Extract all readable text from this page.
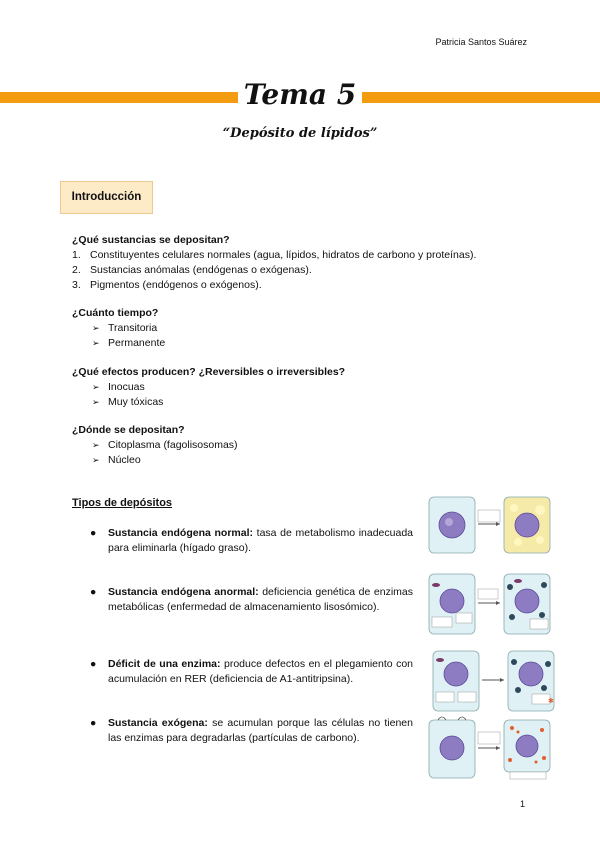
Patricia Santos Suárez
Tema 5
“Depósito de lípidos”
Introducción
¿Qué sustancias se depositan?
1. Constituyentes celulares normales (agua, lípidos, hidratos de carbono y proteínas).
2. Sustancias anómalas (endógenas o exógenas).
3. Pigmentos (endógenos o exógenos).
¿Cuánto tiempo?
➢ Transitoria
➢ Permanente
¿Qué efectos producen? ¿Reversibles o irreversibles?
➢ Inocuas
➢ Muy tóxicas
¿Dónde se depositan?
➢ Citoplasma (fagolisosomas)
➢ Núcleo
Tipos de depósitos
● Sustancia endógena normal: tasa de metabolismo inadecuada para eliminarla (hígado graso).
● Sustancia endógena anormal: deficiencia genética de enzimas metabólicas (enfermedad de almacenamiento lisosómico).
● Déficit de una enzima: produce defectos en el plegamiento con acumulación en RER (deficiencia de A1-antitripsina).
● Sustancia exógena: se acumulan porque las células no tienen las enzimas para degradarlas (partículas de carbono).
✱
1
